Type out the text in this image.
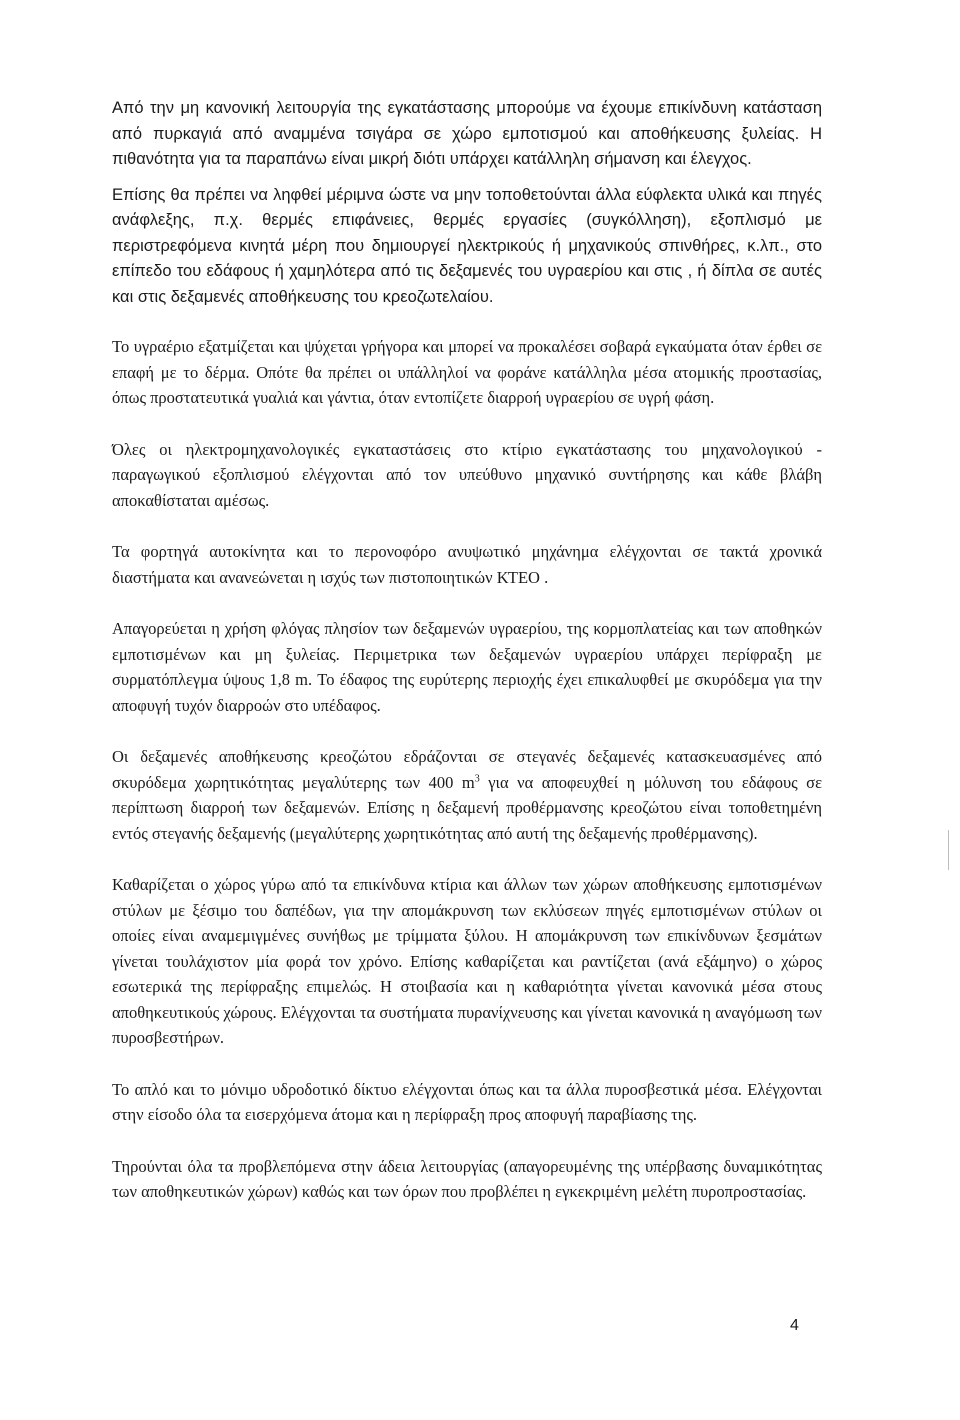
Από την μη κανονική λειτουργία της εγκατάστασης μπορούμε να έχουμε επικίνδυνη κατάσταση από πυρκαγιά από αναμμένα τσιγάρα σε χώρο εμποτισμού και αποθήκευσης ξυλείας. Η πιθανότητα για τα παραπάνω είναι μικρή διότι υπάρχει κατάλληλη σήμανση και έλεγχος.

Επίσης θα πρέπει να ληφθεί μέριμνα ώστε να μην τοποθετούνται άλλα εύφλεκτα υλικά και πηγές ανάφλεξης, π.χ. θερμές επιφάνειες, θερμές εργασίες (συγκόλληση), εξοπλισμό με περιστρεφόμενα κινητά μέρη που δημιουργεί ηλεκτρικούς ή μηχανικούς σπινθήρες, κ.λπ., στο επίπεδο του εδάφους ή χαμηλότερα από τις δεξαμενές του υγραερίου και στις , ή δίπλα σε αυτές και στις δεξαμενές αποθήκευσης του κρεοζωτελαίου.

Το υγραέριο εξατμίζεται και ψύχεται γρήγορα και μπορεί να προκαλέσει σοβαρά εγκαύματα όταν έρθει σε επαφή με το δέρμα. Οπότε θα πρέπει οι υπάλληλοί να φοράνε κατάλληλα μέσα ατομικής προστασίας, όπως προστατευτικά γυαλιά και γάντια, όταν εντοπίζετε διαρροή υγραερίου σε υγρή φάση.

Όλες οι ηλεκτρομηχανολογικές εγκαταστάσεις στο κτίριο εγκατάστασης του μηχανολογικού - παραγωγικού εξοπλισμού ελέγχονται από τον υπεύθυνο μηχανικό συντήρησης και κάθε βλάβη αποκαθίσταται αμέσως.

Τα φορτηγά αυτοκίνητα και το περονοφόρο ανυψωτικό μηχάνημα ελέγχονται σε τακτά χρονικά διαστήματα και ανανεώνεται η ισχύς των πιστοποιητικών ΚΤΕΟ .

Απαγορεύεται η χρήση φλόγας πλησίον των δεξαμενών υγραερίου, της κορμοπλατείας και των αποθηκών εμποτισμένων και μη ξυλείας. Περιμετρικα των δεξαμενών υγραερίου υπάρχει περίφραξη με συρματόπλεγμα ύψους 1,8 m. Το έδαφος της ευρύτερης περιοχής έχει επικαλυφθεί με σκυρόδεμα για την αποφυγή τυχόν διαρροών στο υπέδαφος.

Οι δεξαμενές αποθήκευσης κρεοζώτου εδράζονται σε στεγανές δεξαμενές κατασκευασμένες από σκυρόδεμα χωρητικότητας μεγαλύτερης των 400 $m^3$ για να αποφευχθεί η μόλυνση του εδάφους σε περίπτωση διαρροή των δεξαμενών. Επίσης η δεξαμενή προθέρμανσης κρεοζώτου είναι τοποθετημένη εντός στεγανής δεξαμενής (μεγαλύτερης χωρητικότητας από αυτή της δεξαμενής προθέρμανσης).

Καθαρίζεται ο χώρος γύρω από τα επικίνδυνα κτίρια και άλλων των χώρων αποθήκευσης εμποτισμένων στύλων με ξέσιμο του δαπέδων, για την απομάκρυνση των εκλύσεων πηγές εμποτισμένων στύλων οι οποίες είναι αναμεμιγμένες συνήθως με τρίμματα ξύλου. Η απομάκρυνση των επικίνδυνων ξεσμάτων γίνεται τουλάχιστον μία φορά τον χρόνο. Επίσης καθαρίζεται και ραντίζεται (ανά εξάμηνο) ο χώρος εσωτερικά της περίφραξης επιμελώς. Η στοιβασία και η καθαριότητα γίνεται κανονικά μέσα στους αποθηκευτικούς χώρους. Ελέγχονται τα συστήματα πυρανίχνευσης και γίνεται κανονικά η αναγόμωση των πυροσβεστήρων.

Το απλό και το μόνιμο υδροδοτικό δίκτυο ελέγχονται όπως και τα άλλα πυροσβεστικά μέσα. Ελέγχονται στην είσοδο όλα τα εισερχόμενα άτομα και η περίφραξη προς αποφυγή παραβίασης της.

Τηρούνται όλα τα προβλεπόμενα στην άδεια λειτουργίας (απαγορευμένης της υπέρβασης δυναμικότητας των αποθηκευτικών χώρων) καθώς και των όρων που προβλέπει η εγκεκριμένη μελέτη πυροπροστασίας.

4
